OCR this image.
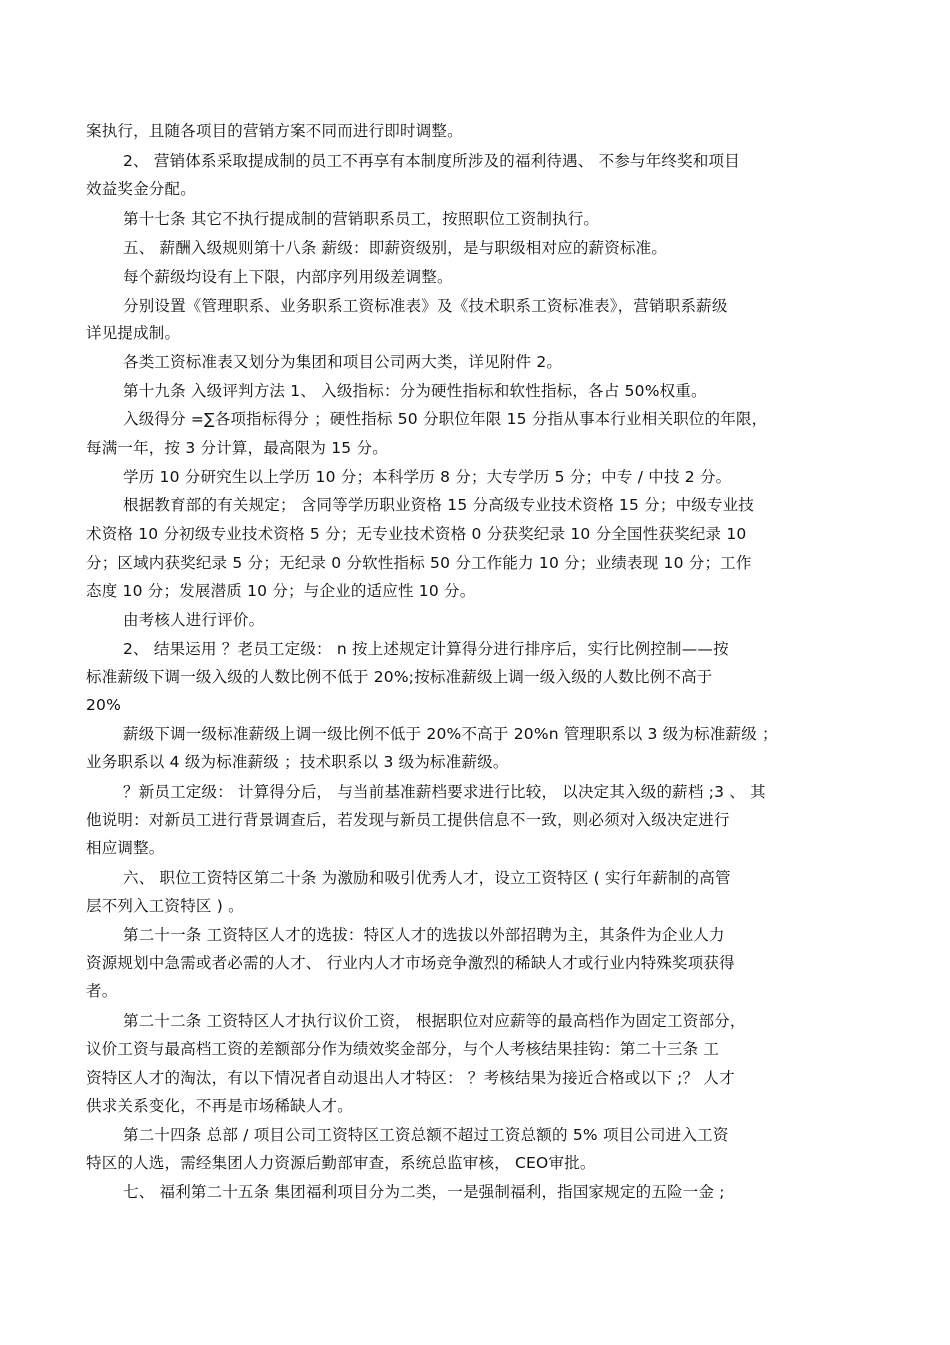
案执行，且随各项目的营销方案不同而进行即时调整。
2、 营销体系采取提成制的员工不再享有本制度所涉及的福利待遇、 不参与年终奖和项目
效益奖金分配。
第十七条 其它不执行提成制的营销职系员工，按照职位工资制执行。
五、 薪酬入级规则第十八条 薪级：即薪资级别，是与职级相对应的薪资标准。
每个薪级均设有上下限，内部序列用级差调整。
分别设置《管理职系、业务职系工资标准表》及《技术职系工资标准表》，营销职系薪级
详见提成制。
各类工资标准表又划分为集团和项目公司两大类，详见附件 2。
第十九条 入级评判方法 1、 入级指标：分为硬性指标和软性指标，各占 50%权重。
入级得分 =∑各项指标得分 ；硬性指标 50 分职位年限 15 分指从事本行业相关职位的年限，
每满一年，按 3 分计算，最高限为 15 分。
学历 10 分研究生以上学历 10 分；本科学历 8 分；大专学历 5 分；中专 / 中技 2 分。
根据教育部的有关规定； 含同等学历职业资格 15 分高级专业技术资格 15 分；中级专业技
术资格 10 分初级专业技术资格 5 分；无专业技术资格 0 分获奖纪录 10 分全国性获奖纪录 10
分；区域内获奖纪录 5 分；无纪录 0 分软性指标 50 分工作能力 10 分；业绩表现 10 分；工作
态度 10 分；发展潜质 10 分；与企业的适应性 10 分。
由考核人进行评价。
2、 结果运用 ？老员工定级： n 按上述规定计算得分进行排序后，实行比例控制——按
标准薪级下调一级入级的人数比例不低于 20%;按标准薪级上调一级入级的人数比例不高于
20%
薪级下调一级标准薪级上调一级比例不低于 20%不高于 20%n 管理职系以 3 级为标准薪级 ；
业务职系以 4 级为标准薪级 ；技术职系以 3 级为标准薪级。
？新员工定级： 计算得分后， 与当前基准薪档要求进行比较， 以决定其入级的薪档 ;3 、 其
他说明：对新员工进行背景调查后，若发现与新员工提供信息不一致，则必须对入级决定进行
相应调整。
六、 职位工资特区第二十条 为激励和吸引优秀人才，设立工资特区 ( 实行年薪制的高管
层不列入工资特区 ) 。
第二十一条 工资特区人才的选拔：特区人才的选拔以外部招聘为主，其条件为企业人力
资源规划中急需或者必需的人才、 行业内人才市场竞争激烈的稀缺人才或行业内特殊奖项获得
者。
第二十二条 工资特区人才执行议价工资， 根据职位对应薪等的最高档作为固定工资部分，
议价工资与最高档工资的差额部分作为绩效奖金部分，与个人考核结果挂钩：第二十三条 工
资特区人才的淘汰，有以下情况者自动退出人才特区： ？考核结果为接近合格或以下 ;？ 人才
供求关系变化，不再是市场稀缺人才。
第二十四条 总部 / 项目公司工资特区工资总额不超过工资总额的 5% 项目公司进入工资
特区的人选，需经集团人力资源后勤部审查，系统总监审核， CEO审批。
七、 福利第二十五条 集团福利项目分为二类，一是强制福利，指国家规定的五险一金 ;
